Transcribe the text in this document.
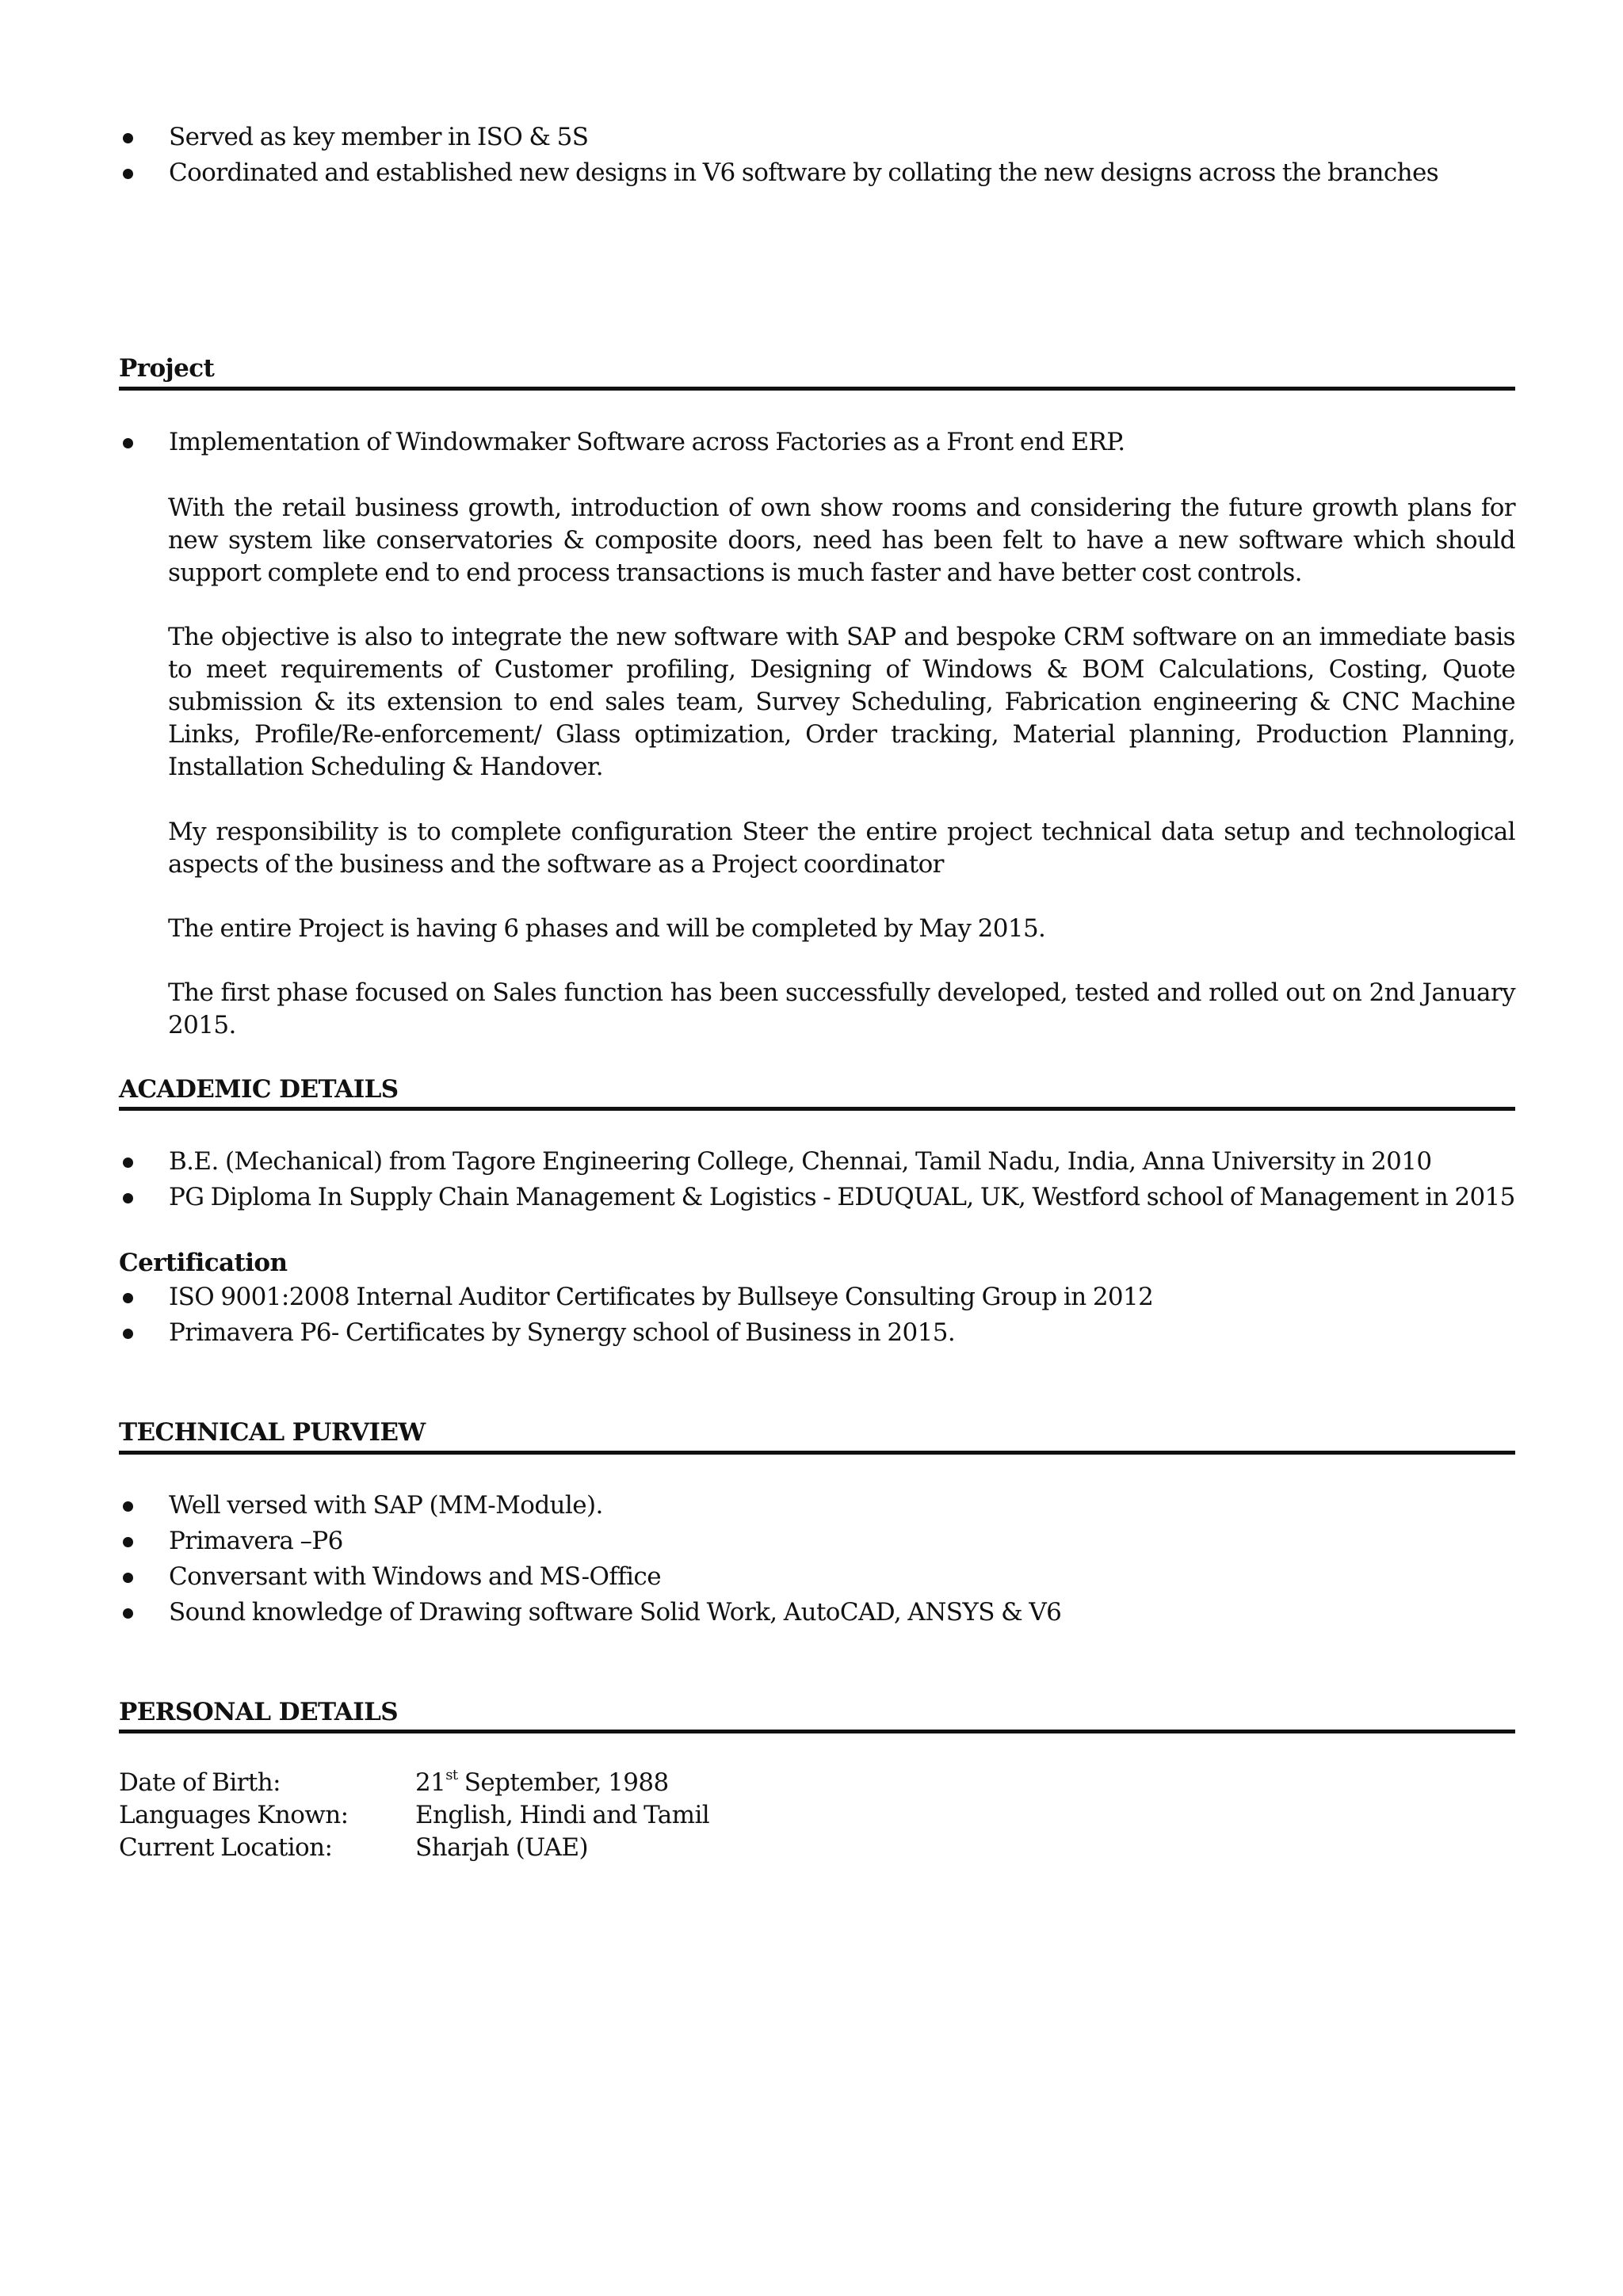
Served as key member in ISO & 5S
Coordinated and established new designs in V6 software by collating the new designs across the branches
Project
Implementation of Windowmaker Software across Factories as a Front end ERP.
With the retail business growth, introduction of own show rooms and considering the future growth plans for new system like conservatories & composite doors, need has been felt to have a new software which should support complete end to end process transactions is much faster and have better cost controls.
The objective is also to integrate the new software with SAP and bespoke CRM software on an immediate basis to meet requirements of Customer profiling, Designing of Windows & BOM Calculations, Costing, Quote submission & its extension to end sales team, Survey Scheduling, Fabrication engineering & CNC Machine Links, Profile/Re-enforcement/ Glass optimization, Order tracking, Material planning, Production Planning, Installation Scheduling & Handover.
My responsibility is to complete configuration Steer the entire project technical data setup and technological aspects of the business and the software as a Project coordinator
The entire Project is having 6 phases and will be completed by May 2015.
The first phase focused on Sales function has been successfully developed, tested and rolled out on 2nd January 2015.
ACADEMIC DETAILS
B.E. (Mechanical) from Tagore Engineering College, Chennai, Tamil Nadu, India, Anna University in 2010
PG Diploma In Supply Chain Management & Logistics - EDUQUAL, UK, Westford school of Management in 2015
Certification
ISO 9001:2008 Internal Auditor Certificates by Bullseye Consulting Group in 2012
Primavera P6- Certificates by Synergy school of Business in 2015.
TECHNICAL PURVIEW
Well versed with SAP (MM-Module).
Primavera –P6
Conversant with Windows and MS-Office
Sound knowledge of Drawing software Solid Work, AutoCAD, ANSYS & V6
PERSONAL DETAILS
Date of Birth:	21st September, 1988
Languages Known:	English, Hindi and Tamil
Current Location:	Sharjah (UAE)
